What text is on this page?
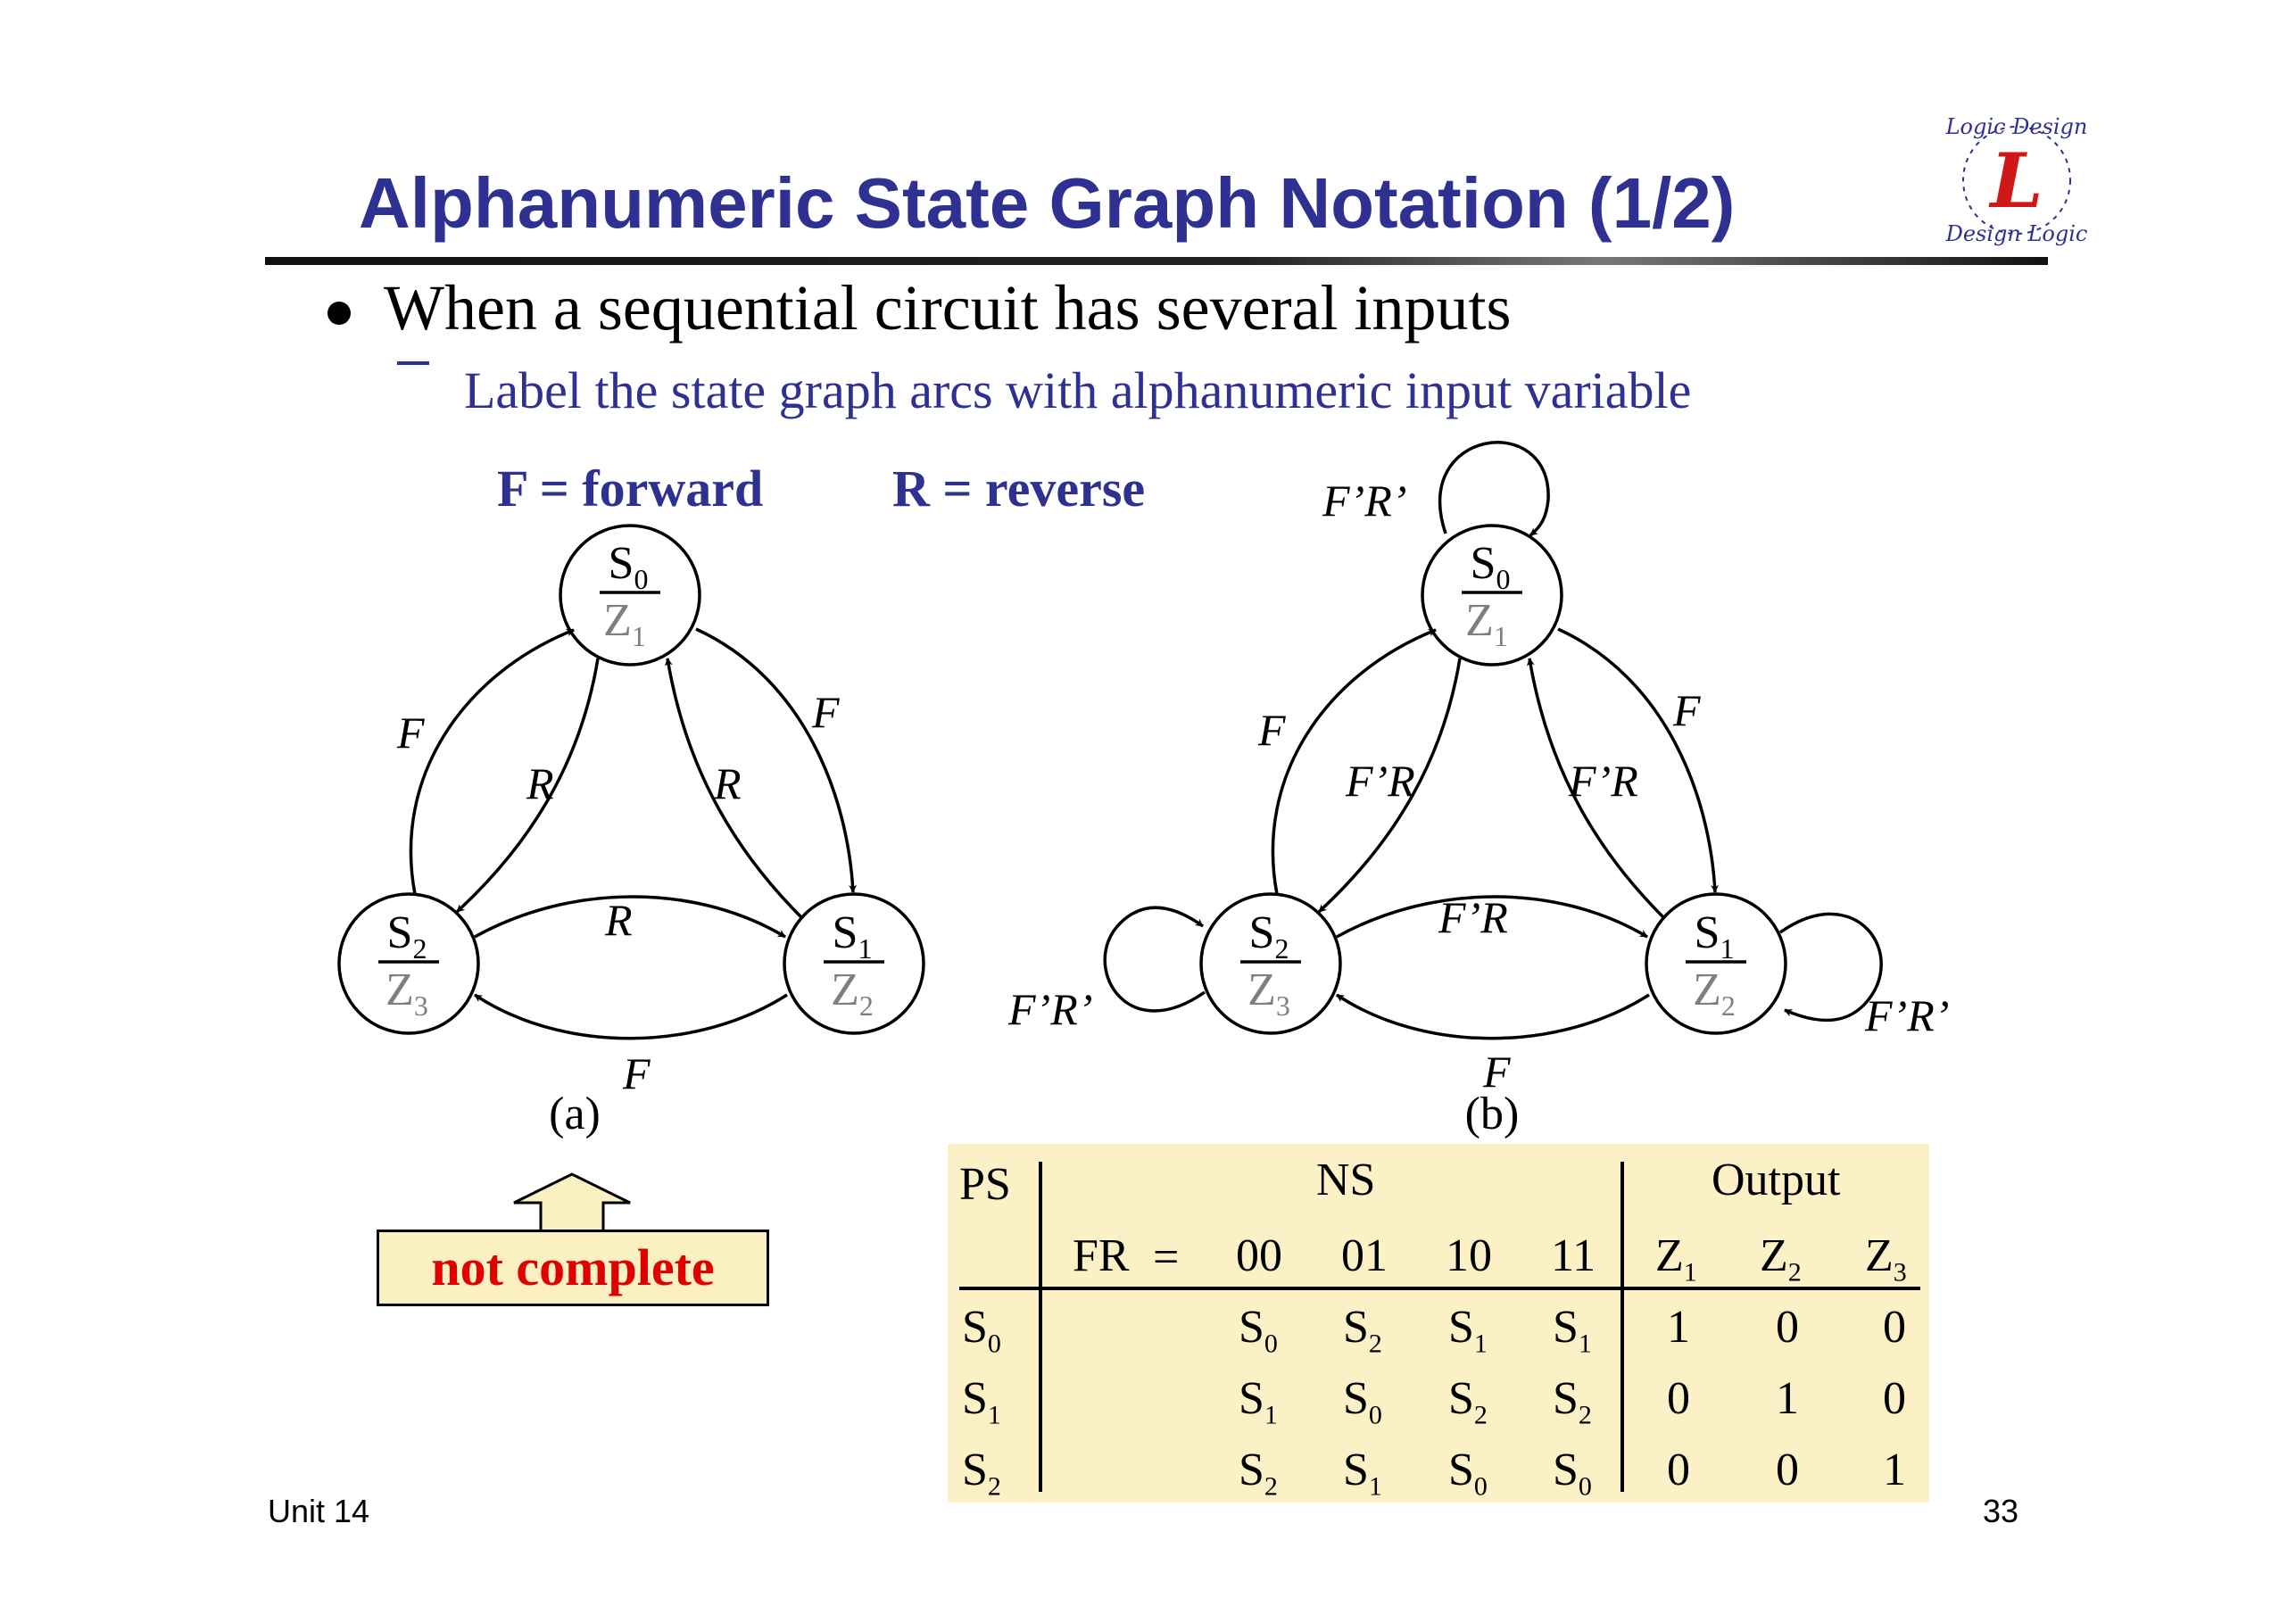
Alphanumeric State Graph Notation (1/2)
Logic Design
Design Logic
L
When a sequential circuit has several inputs
Label the state graph arcs with alphanumeric input variable
F = forward R = reverse
$S_0$
$Z_1$
$S_1$
$Z_2$
$S_2$
$Z_3$
F	F
R	R
R
F
(a)
$S_0$
$Z_1$
$S_1$
$Z_2$
$S_2$
$Z_3$
F	F
F’R	F’R
F’R
F
F’R’
F’R’
F’R’
(b)
not complete
PS	NS	Output
FR = 00 01 10 11 $Z_1$ $Z_2$ $Z_3$
$S_0$	$S_0$ $S_2$ $S_1$ $S_1$ 1 0 0
$S_1$	$S_1$ $S_0$ $S_2$ $S_2$ 0 1 0
$S_2$	$S_2$ $S_1$ $S_0$ $S_0$ 0 0 1
Unit 14	33
